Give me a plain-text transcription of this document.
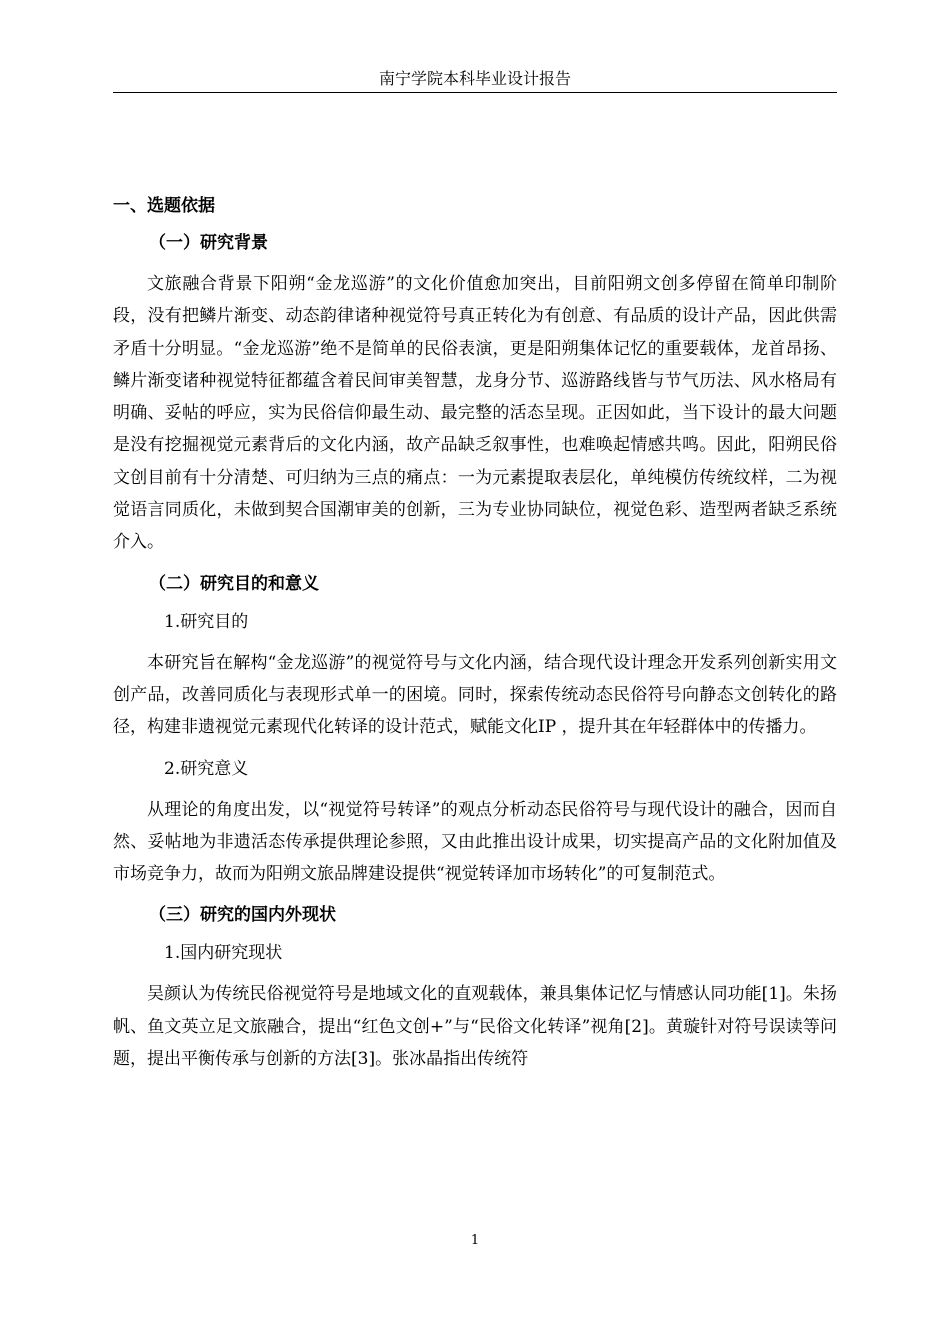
南宁学院本科毕业设计报告

一、选题依据

（一）研究背景

文旅融合背景下阳朔“金龙巡游”的文化价值愈加突出，目前阳朔文创多停留在简单印制阶段，没有把鳞片渐变、动态韵律诸种视觉符号真正转化为有创意、有品质的设计产品，因此供需矛盾十分明显。“金龙巡游”绝不是简单的民俗表演，更是阳朔集体记忆的重要载体，龙首昂扬、鳞片渐变诸种视觉特征都蕴含着民间审美智慧，龙身分节、巡游路线皆与节气历法、风水格局有明确、妥帖的呼应，实为民俗信仰最生动、最完整的活态呈现。正因如此，当下设计的最大问题是没有挖掘视觉元素背后的文化内涵，故产品缺乏叙事性，也难唤起情感共鸣。因此，阳朔民俗文创目前有十分清楚、可归纳为三点的痛点：一为元素提取表层化，单纯模仿传统纹样，二为视觉语言同质化，未做到契合国潮审美的创新，三为专业协同缺位，视觉色彩、造型两者缺乏系统介入。

（二）研究目的和意义

1.研究目的

本研究旨在解构“金龙巡游”的视觉符号与文化内涵，结合现代设计理念开发系列创新实用文创产品，改善同质化与表现形式单一的困境。同时，探索传统动态民俗符号向静态文创转化的路径，构建非遗视觉元素现代化转译的设计范式，赋能文化IP ，提升其在年轻群体中的传播力。

2.研究意义

从理论的角度出发，以“视觉符号转译”的观点分析动态民俗符号与现代设计的融合，因而自然、妥帖地为非遗活态传承提供理论参照，又由此推出设计成果，切实提高产品的文化附加值及市场竞争力，故而为阳朔文旅品牌建设提供“视觉转译加市场转化”的可复制范式。

（三）研究的国内外现状

1.国内研究现状

吴颜认为传统民俗视觉符号是地域文化的直观载体，兼具集体记忆与情感认同功能[1]。朱扬帆、鱼文英立足文旅融合，提出“红色文创+”与“民俗文化转译”视角[2]。黄璇针对符号误读等问题，提出平衡传承与创新的方法[3]。张冰晶指出传统符

1
